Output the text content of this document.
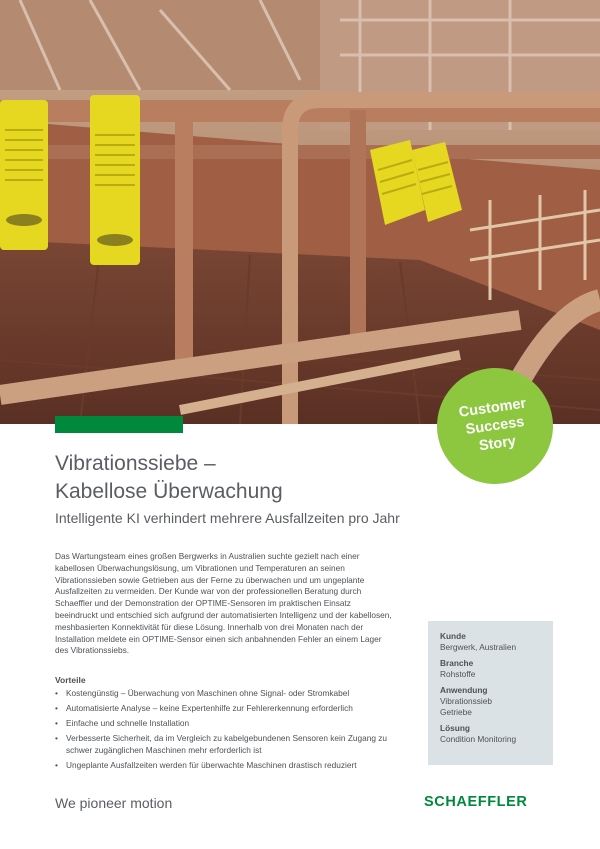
Customer
Success
Story
Vibrationssiebe –
Kabellose Überwachung

Intelligente KI verhindert mehrere Ausfallzeiten pro Jahr

Das Wartungsteam eines großen Bergwerks in Australien suchte gezielt nach einer kabellosen Überwachungslösung, um Vibrationen und Temperaturen an seinen Vibrationssieben sowie Getrieben aus der Ferne zu überwachen und um ungeplante Ausfallzeiten zu vermeiden. Der Kunde war von der professionellen Beratung durch Schaeffler und der Demonstration der OPTIME-Sensoren im praktischen Einsatz beeindruckt und entschied sich aufgrund der automatisierten Intelligenz und der kabellosen, meshbasierten Konnektivität für diese Lösung. Innerhalb von drei Monaten nach der Installation meldete ein OPTIME-Sensor einen sich anbahnenden Fehler an einem Lager des Vibrationssiebs.

Vorteile

• Kostengünstig – Überwachung von Maschinen ohne Signal- oder Stromkabel
• Automatisierte Analyse – keine Expertenhilfe zur Fehlererkennung erforderlich
• Einfache und schnelle Installation
• Verbesserte Sicherheit, da im Vergleich zu kabelgebundenen Sensoren kein Zugang zu schwer zugänglichen Maschinen mehr erforderlich ist
• Ungeplante Ausfallzeiten werden für überwachte Maschinen drastisch reduziert
Kunde
Bergwerk, Australien
Branche
Rohstoffe
Anwendung
Vibrationssieb
Getriebe
Lösung
Condition Monitoring

We pioneer motion	SCHAEFFLER
